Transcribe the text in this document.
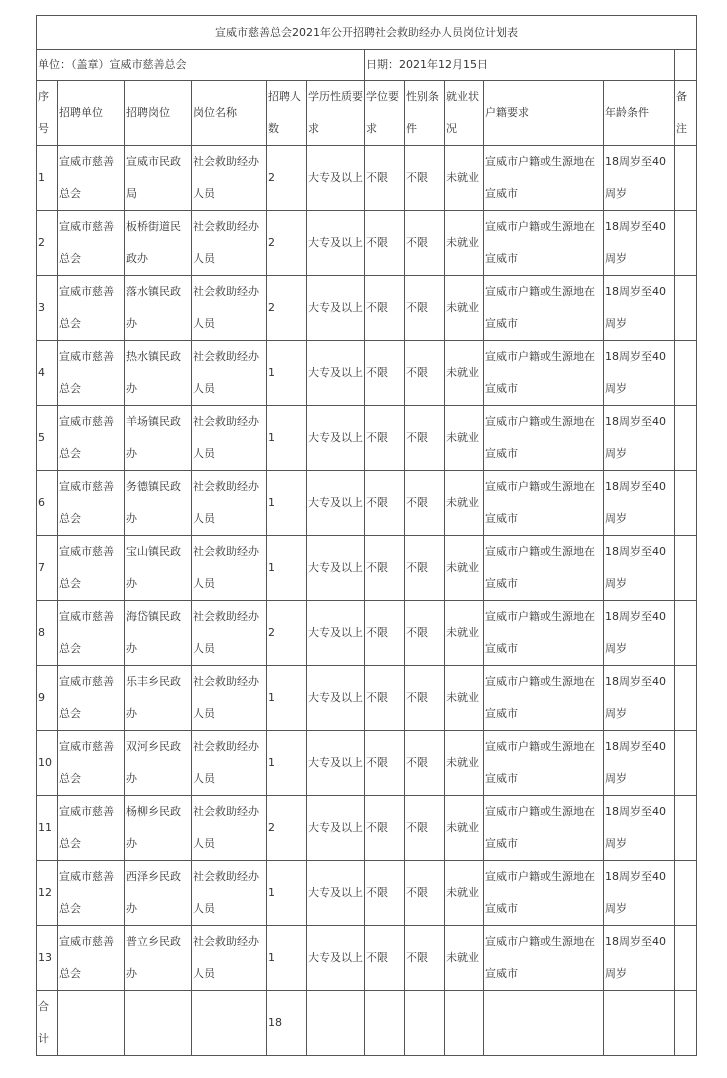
宣威市慈善总会2021年公开招聘社会救助经办人员岗位计划表											
单位：（盖章）宣威市慈善总会						日期：2021年12月15日					
序号	招聘单位	招聘岗位	岗位名称	招聘人数	学历性质要求	学位要求	性别条件	就业状况	户籍要求	年龄条件	备注
1	宣威市慈善总会	宣威市民政局	社会救助经办人员	2	大专及以上	不限	不限	未就业	宣威市户籍或生源地在宣威市	18周岁至40周岁	
2	宣威市慈善总会	板桥街道民政办	社会救助经办人员	2	大专及以上	不限	不限	未就业	宣威市户籍或生源地在宣威市	18周岁至40周岁	
3	宣威市慈善总会	落水镇民政办	社会救助经办人员	2	大专及以上	不限	不限	未就业	宣威市户籍或生源地在宣威市	18周岁至40周岁	
4	宣威市慈善总会	热水镇民政办	社会救助经办人员	1	大专及以上	不限	不限	未就业	宣威市户籍或生源地在宣威市	18周岁至40周岁	
5	宣威市慈善总会	羊场镇民政办	社会救助经办人员	1	大专及以上	不限	不限	未就业	宣威市户籍或生源地在宣威市	18周岁至40周岁	
6	宣威市慈善总会	务德镇民政办	社会救助经办人员	1	大专及以上	不限	不限	未就业	宣威市户籍或生源地在宣威市	18周岁至40周岁	
7	宣威市慈善总会	宝山镇民政办	社会救助经办人员	1	大专及以上	不限	不限	未就业	宣威市户籍或生源地在宣威市	18周岁至40周岁	
8	宣威市慈善总会	海岱镇民政办	社会救助经办人员	2	大专及以上	不限	不限	未就业	宣威市户籍或生源地在宣威市	18周岁至40周岁	
9	宣威市慈善总会	乐丰乡民政办	社会救助经办人员	1	大专及以上	不限	不限	未就业	宣威市户籍或生源地在宣威市	18周岁至40周岁	
10	宣威市慈善总会	双河乡民政办	社会救助经办人员	1	大专及以上	不限	不限	未就业	宣威市户籍或生源地在宣威市	18周岁至40周岁	
11	宣威市慈善总会	杨柳乡民政办	社会救助经办人员	2	大专及以上	不限	不限	未就业	宣威市户籍或生源地在宣威市	18周岁至40周岁	
12	宣威市慈善总会	西泽乡民政办	社会救助经办人员	1	大专及以上	不限	不限	未就业	宣威市户籍或生源地在宣威市	18周岁至40周岁	
13	宣威市慈善总会	普立乡民政办	社会救助经办人员	1	大专及以上	不限	不限	未就业	宣威市户籍或生源地在宣威市	18周岁至40周岁	
合计				18							
